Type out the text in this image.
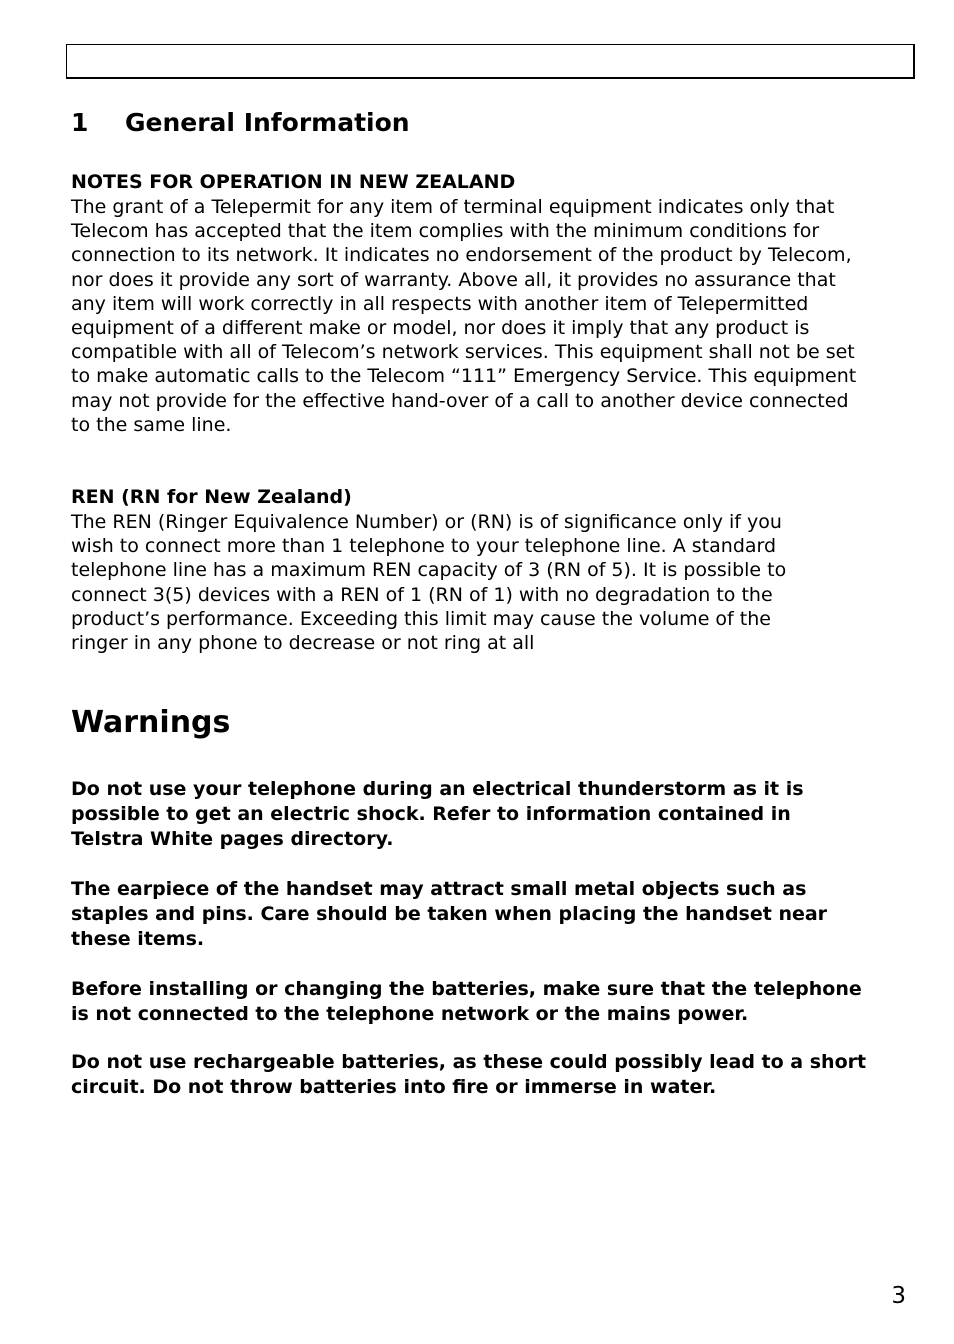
1 General Information
NOTES FOR OPERATION IN NEW ZEALAND

The grant of a Telepermit for any item of terminal equipment indicates only that
Telecom has accepted that the item complies with the minimum conditions for
connection to its network. It indicates no endorsement of the product by Telecom,
nor does it provide any sort of warranty. Above all, it provides no assurance that
any item will work correctly in all respects with another item of Telepermitted
equipment of a different make or model, nor does it imply that any product is
compatible with all of Telecom’s network services. This equipment shall not be set
to make automatic calls to the Telecom “111” Emergency Service. This equipment
may not provide for the effective hand-over of a call to another device connected
to the same line.

REN (RN for New Zealand)

The REN (Ringer Equivalence Number) or (RN) is of significance only if you
wish to connect more than 1 telephone to your telephone line. A standard
telephone line has a maximum REN capacity of 3 (RN of 5). It is possible to
connect 3(5) devices with a REN of 1 (RN of 1) with no degradation to the
product’s performance. Exceeding this limit may cause the volume of the
ringer in any phone to decrease or not ring at all

Warnings

Do not use your telephone during an electrical thunderstorm as it is
possible to get an electric shock. Refer to information contained in
Telstra White pages directory.

The earpiece of the handset may attract small metal objects such as
staples and pins. Care should be taken when placing the handset near
these items.

Before installing or changing the batteries, make sure that the telephone
is not connected to the telephone network or the mains power.

Do not use rechargeable batteries, as these could possibly lead to a short
circuit. Do not throw batteries into fire or immerse in water.

3
